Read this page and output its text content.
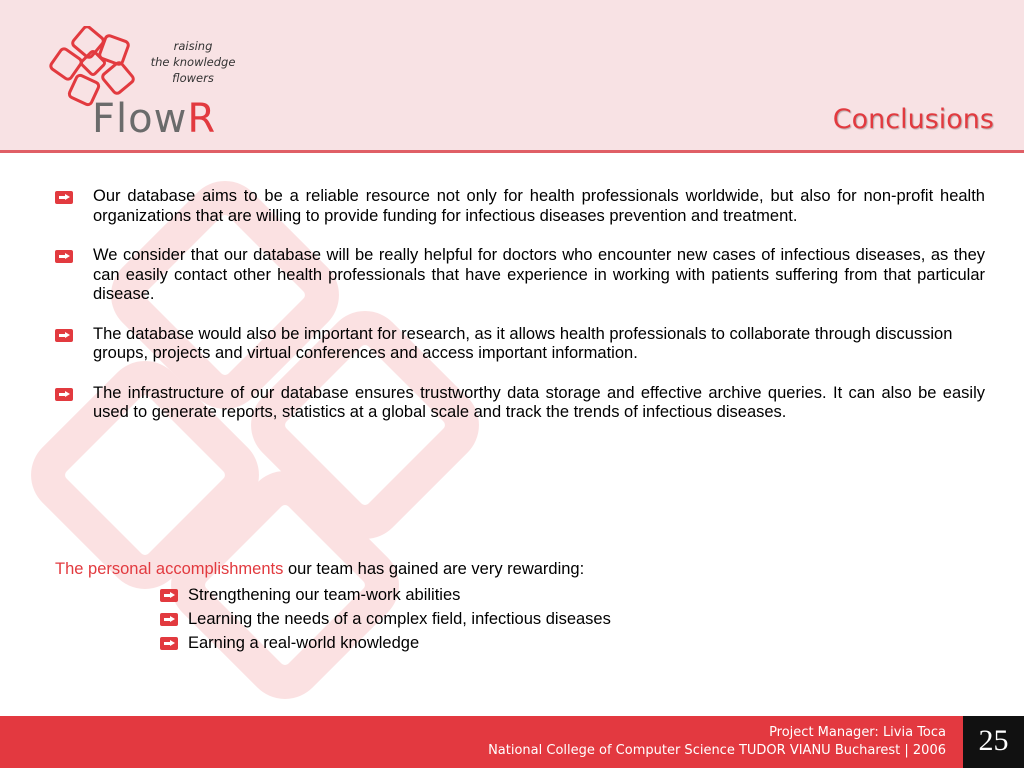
raising
the knowledge
flowers
FlowR	Conclusions
Our database aims to be a reliable resource not only for health professionals worldwide, but also for non-profit health organizations that are willing to provide funding for infectious diseases prevention and treatment.
We consider that our database will be really helpful for doctors who encounter new cases of infectious diseases, as they can easily contact other health professionals that have experience in working with patients suffering from that particular disease.
The database would also be important for research, as it allows health professionals to collaborate through discussion groups, projects and virtual conferences and access important information.
The infrastructure of our database ensures trustworthy data storage and effective archive queries. It can also be easily used to generate reports, statistics at a global scale and track the trends of infectious diseases.
The personal accomplishments our team has gained are very rewarding:
Strengthening our team-work abilities
Learning the needs of a complex field, infectious diseases
Earning a real-world knowledge
Project Manager: Livia Toca
National College of Computer Science TUDOR VIANU Bucharest | 2006	25
